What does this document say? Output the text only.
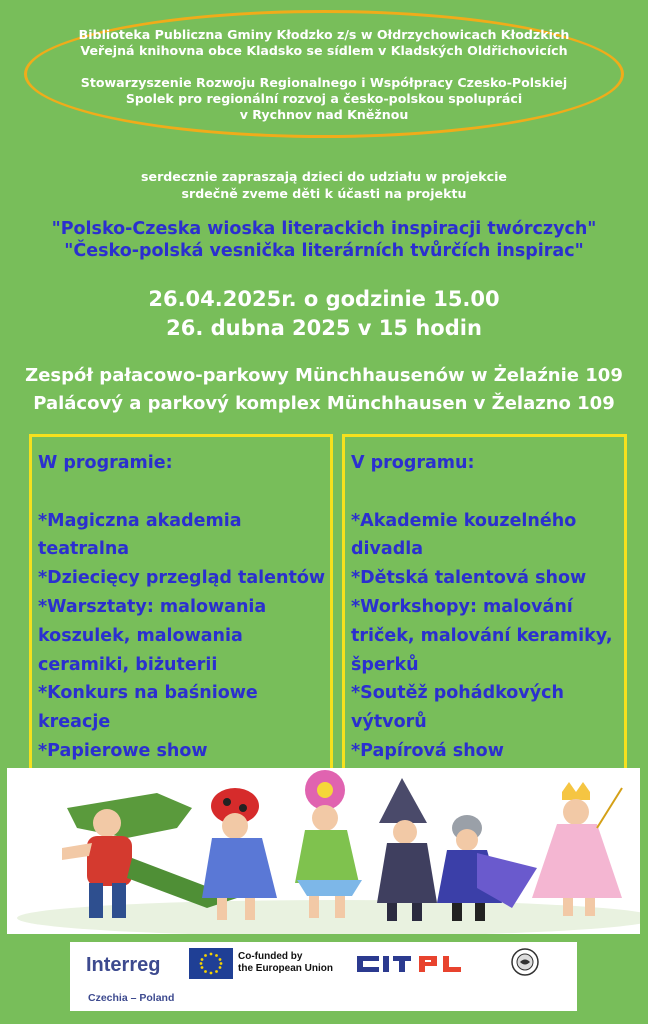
Biblioteka Publiczna Gminy Kłodzko z/s w Ołdrzychowicach Kłodzkich
Veřejná knihovna obce Kladsko se sídlem v Kladských Oldřichovicích
Stowarzyszenie Rozwoju Regionalnego i Współpracy Czesko-Polskiej
Spolek pro regionální rozvoj a česko-polskou spolupráci
v Rychnov nad Kněžnou
serdecznie zapraszają dzieci do udziału w projekcie
srdečně zveme děti k účasti na projektu
"Polsko-Czeska wioska literackich inspiracji twórczych"
"Česko-polská vesnička literárních tvůrčích inspirac"
26.04.2025r. o godzinie 15.00
26. dubna 2025 v 15 hodin
Zespół pałacowo-parkowy Münchhausenów w Żelaźnie 109
Palácový a parkový komplex Münchhausen v Želazno 109
W programie:
*Magiczna akademia
teatralna
*Dziecięcy przegląd talentów
*Warsztaty: malowania
koszulek, malowania
ceramiki, biżuterii
*Konkurs na baśniowe
kreacje
*Papierowe show
V programu:
*Akademie kouzelného
divadla
*Dětská talentová show
*Workshopy: malování
triček, malování keramiky,
šperků
*Soutěž pohádkových
výtvorů
*Papírová show
Interreg	Co-funded by
the European Union
Czechia – Poland
